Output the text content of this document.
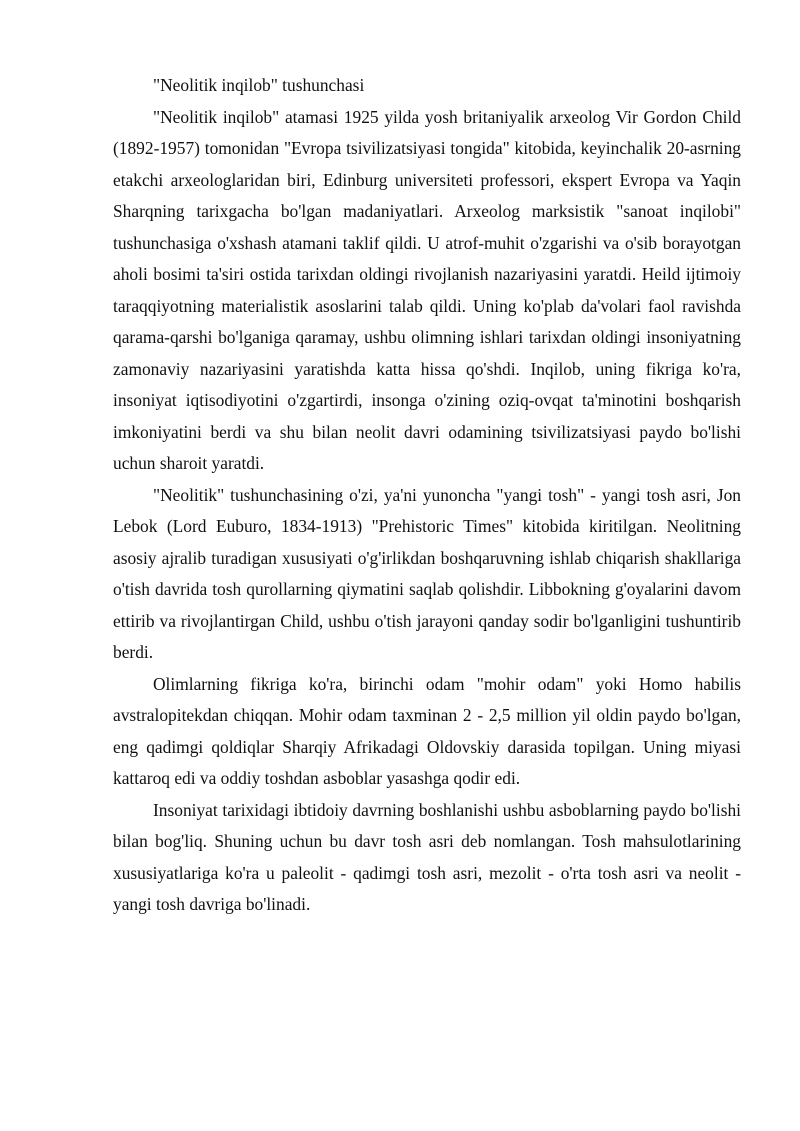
"Neolitik inqilob" tushunchasi

"Neolitik inqilob" atamasi 1925 yilda yosh britaniyalik arxeolog Vir Gordon Child (1892-1957) tomonidan "Evropa tsivilizatsiyasi tongida" kitobida, keyinchalik 20-asrning etakchi arxeologlaridan biri, Edinburg universiteti professori, ekspert Evropa va Yaqin Sharqning tarixgacha bo'lgan madaniyatlari. Arxeolog marksistik "sanoat inqilobi" tushunchasiga o'xshash atamani taklif qildi. U atrof-muhit o'zgarishi va o'sib borayotgan aholi bosimi ta'siri ostida tarixdan oldingi rivojlanish nazariyasini yaratdi. Heild ijtimoiy taraqqiyotning materialistik asoslarini talab qildi. Uning ko'plab da'volari faol ravishda qarama-qarshi bo'lganiga qaramay, ushbu olimning ishlari tarixdan oldingi insoniyatning zamonaviy nazariyasini yaratishda katta hissa qo'shdi. Inqilob, uning fikriga ko'ra, insoniyat iqtisodiyotini o'zgartirdi, insonga o'zining oziq-ovqat ta'minotini boshqarish imkoniyatini berdi va shu bilan neolit davri odamining tsivilizatsiyasi paydo bo'lishi uchun sharoit yaratdi.

"Neolitik" tushunchasining o'zi, ya'ni yunoncha "yangi tosh" - yangi tosh asri, Jon Lebok (Lord Euburo, 1834-1913) "Prehistoric Times" kitobida kiritilgan. Neolitning asosiy ajralib turadigan xususiyati o'g'irlikdan boshqaruvning ishlab chiqarish shakllariga o'tish davrida tosh qurollarning qiymatini saqlab qolishdir. Libbokning g'oyalarini davom ettirib va rivojlantirgan Child, ushbu o'tish jarayoni qanday sodir bo'lganligini tushuntirib berdi.

Olimlarning fikriga ko'ra, birinchi odam "mohir odam" yoki Homo habilis avstralopitekdan chiqqan. Mohir odam taxminan 2 - 2,5 million yil oldin paydo bo'lgan, eng qadimgi qoldiqlar Sharqiy Afrikadagi Oldovskiy darasida topilgan. Uning miyasi kattaroq edi va oddiy toshdan asboblar yasashga qodir edi.

Insoniyat tarixidagi ibtidoiy davrning boshlanishi ushbu asboblarning paydo bo'lishi bilan bog'liq. Shuning uchun bu davr tosh asri deb nomlangan. Tosh mahsulotlarining xususiyatlariga ko'ra u paleolit - qadimgi tosh asri, mezolit - o'rta tosh asri va neolit - yangi tosh davriga bo'linadi.
